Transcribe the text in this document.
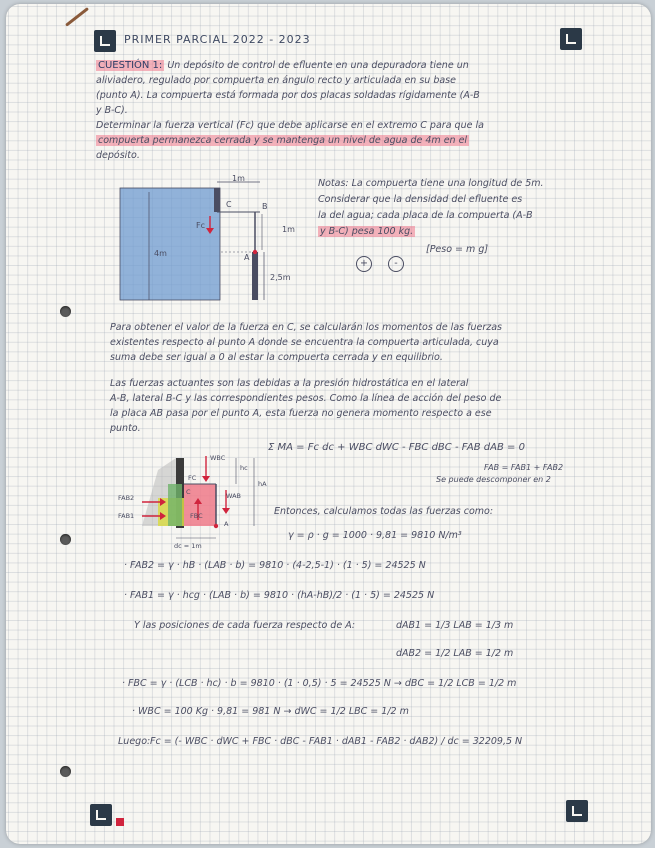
PRIMER PARCIAL 2022 - 2023
CUESTIÓN 1: Un depósito de control de efluente en una depuradora tiene un
aliviadero, regulado por compuerta en ángulo recto y articulada en su base
(punto A). La compuerta está formada por dos placas soldadas rígidamente (A-B
y B-C).
Determinar la fuerza vertical (Fc) que debe aplicarse en el extremo C para que la
compuerta permanezca cerrada y se mantenga un nivel de agua de 4m en el
depósito.
1m
C	B
Fc	1m
4m	A
2,5m
Notas: La compuerta tiene una longitud de 5m.
Considerar que la densidad del efluente es
la del agua; cada placa de la compuerta (A-B
y B-C) pesa 100 kg.
[Peso = m g]
+	-
Para obtener el valor de la fuerza en C, se calcularán los momentos de las fuerzas
existentes respecto al punto A donde se encuentra la compuerta articulada, cuya
suma debe ser igual a 0 al estar la compuerta cerrada y en equilibrio.
Las fuerzas actuantes son las debidas a la presión hidrostática en el lateral
A-B, lateral B-C y las correspondientes pesos. Como la línea de acción del peso de
la placa AB pasa por el punto A, esta fuerza no genera momento respecto a ese
punto.
WBC
hc
hA
FC
C
FAB2
FAB1
WAB
FBC
A
dc = 1m
Σ MA = Fc dc + WBC dWC - FBC dBC - FAB dAB = 0
FAB = FAB1 + FAB2
Se puede descomponer en 2
Entonces, calculamos todas las fuerzas como:
γ = ρ · g = 1000 · 9,81 = 9810 N/m³
· FAB2 = γ · hB · (LAB · b) = 9810 · (4-2,5-1) · (1 · 5) = 24525 N
· FAB1 = γ · hcg · (LAB · b) = 9810 · (hA-hB)/2 · (1 · 5) = 24525 N
Y las posiciones de cada fuerza respecto de A:	dAB1 = 1/3 LAB = 1/3 m
dAB2 = 1/2 LAB = 1/2 m
· FBC = γ · (LCB · hc) · b = 9810 · (1 · 0,5) · 5 = 24525 N → dBC = 1/2 LCB = 1/2 m
· WBC = 100 Kg · 9,81 = 981 N → dWC = 1/2 LBC = 1/2 m
Luego: Fc = (- WBC · dWC + FBC · dBC - FAB1 · dAB1 - FAB2 · dAB2) / dc = 32209,5 N
